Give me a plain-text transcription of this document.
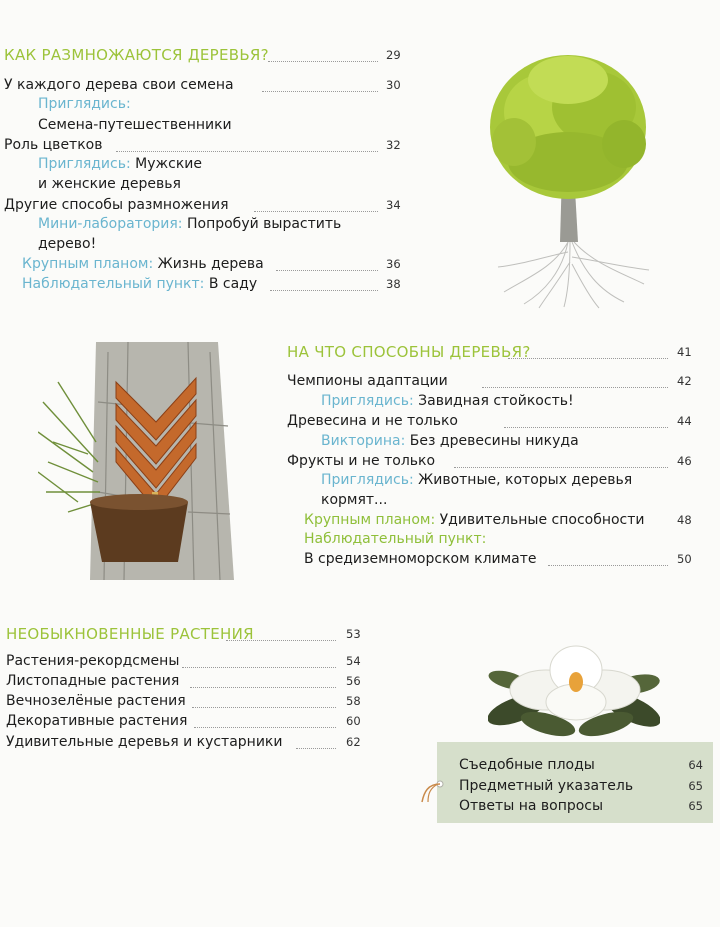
КАК РАЗМНОЖАЮТСЯ ДЕРЕВЬЯ?	29
У каждого дерева свои семена	30
Приглядись:
Семена-путешественники
Роль цветков	32
Приглядись: Мужские
и женские деревья
Другие способы размножения	34
Мини-лаборатория: Попробуй вырастить
дерево!
Крупным планом: Жизнь дерева	36
Наблюдательный пункт: В саду	38
НА ЧТО СПОСОБНЫ ДЕРЕВЬЯ?	41
Чемпионы адаптации	42
Приглядись: Завидная стойкость!
Древесина и не только	44
Викторина: Без древесины никуда
Фрукты и не только	46
Приглядись: Животные, которых деревья
кормят...
Крупным планом: Удивительные способности	48
Наблюдательный пункт:
В средиземноморском климате	50
НЕОБЫКНОВЕННЫЕ РАСТЕНИЯ	53
Растения-рекордсмены	54
Листопадные растения	56
Вечнозелёные растения	58
Декоративные растения	60
Удивительные деревья и кустарники	62
Съедобные плоды	64
Предметный указатель	65
Ответы на вопросы	65
